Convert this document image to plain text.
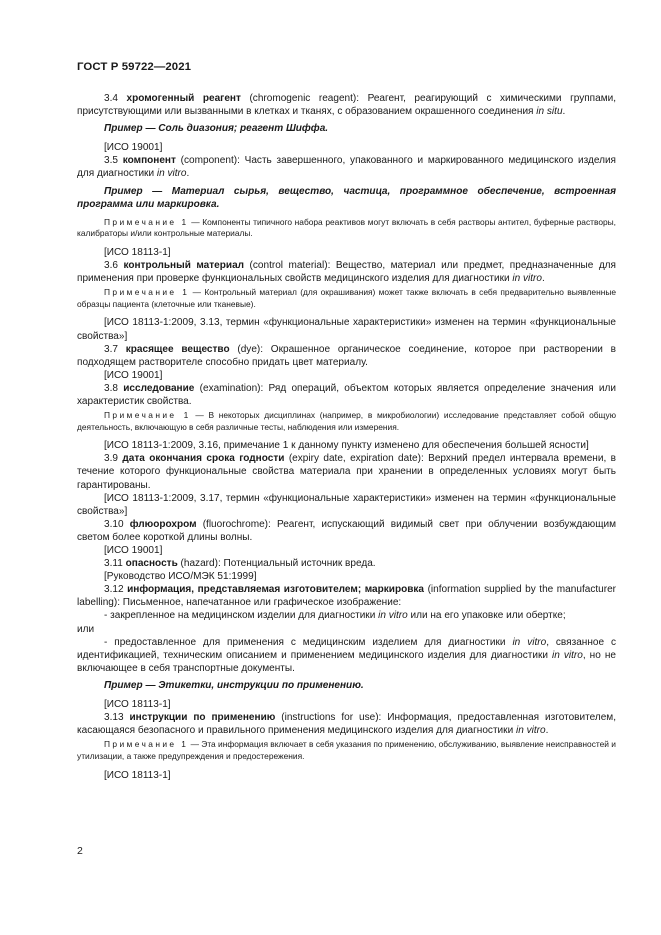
ГОСТ Р 59722—2021

3.4 хромогенный реагент (chromogenic reagent): Реагент, реагирующий с химическими группами, присутствующими или вызванными в клетках и тканях, с образованием окрашенного соединения in situ.

Пример — Соль диазония; реагент Шиффа.

[ИСО 19001]

3.5 компонент (component): Часть завершенного, упакованного и маркированного медицинского изделия для диагностики in vitro.

Пример — Материал сырья, вещество, частица, программное обеспечение, встроенная программа или маркировка.

Примечание 1 — Компоненты типичного набора реактивов могут включать в себя растворы антител, буферные растворы, калибраторы и/или контрольные материалы.

[ИСО 18113-1]

3.6 контрольный материал (control material): Вещество, материал или предмет, предназначенные для применения при проверке функциональных свойств медицинского изделия для диагностики in vitro.

Примечание 1 — Контрольный материал (для окрашивания) может также включать в себя предварительно выявленные образцы пациента (клеточные или тканевые).

[ИСО 18113-1:2009, 3.13, термин «функциональные характеристики» изменен на термин «функциональные свойства»]

3.7 красящее вещество (dye): Окрашенное органическое соединение, которое при растворении в подходящем растворителе способно придать цвет материалу.

[ИСО 19001]

3.8 исследование (examination): Ряд операций, объектом которых является определение значения или характеристик свойства.

Примечание 1 — В некоторых дисциплинах (например, в микробиологии) исследование представляет собой общую деятельность, включающую в себя различные тесты, наблюдения или измерения.

[ИСО 18113-1:2009, 3.16, примечание 1 к данному пункту изменено для обеспечения большей ясности]

3.9 дата окончания срока годности (expiry date, expiration date): Верхний предел интервала времени, в течение которого функциональные свойства материала при хранении в определенных условиях могут быть гарантированы.

[ИСО 18113-1:2009, 3.17, термин «функциональные характеристики» изменен на термин «функциональные свойства»]

3.10 флюорохром (fluorochrome): Реагент, испускающий видимый свет при облучении возбуждающим светом более короткой длины волны.

[ИСО 19001]

3.11 опасность (hazard): Потенциальный источник вреда.

[Руководство ИСО/МЭК 51:1999]

3.12 информация, представляемая изготовителем; маркировка (information supplied by the manufacturer labelling): Письменное, напечатанное или графическое изображение:

- закрепленное на медицинском изделии для диагностики in vitro или на его упаковке или обертке;

или

- предоставленное для применения с медицинским изделием для диагностики in vitro, связанное с идентификацией, техническим описанием и применением медицинского изделия для диагностики in vitro, но не включающее в себя транспортные документы.

Пример — Этикетки, инструкции по применению.

[ИСО 18113-1]

3.13 инструкции по применению (instructions for use): Информация, предоставленная изготовителем, касающаяся безопасного и правильного применения медицинского изделия для диагностики in vitro.

Примечание 1 — Эта информация включает в себя указания по применению, обслуживанию, выявление неисправностей и утилизации, а также предупреждения и предостережения.

[ИСО 18113-1]

2
